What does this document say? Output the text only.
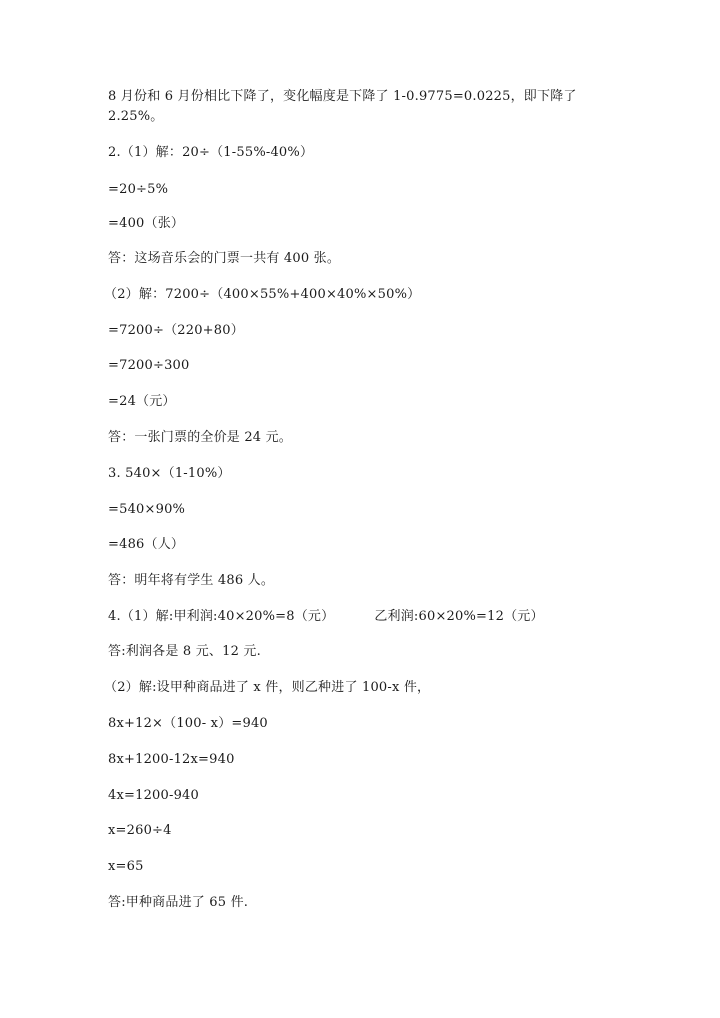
8 月份和 6 月份相比下降了，变化幅度是下降了 1-0.9775=0.0225，即下降了
2.25%。
2.（1）解：20÷（1-55%-40%）
=20÷5%
=400（张）
答：这场音乐会的门票一共有 400 张。
（2）解：7200÷（400×55%+400×40%×50%）
=7200÷（220+80）
=7200÷300
=24（元）
答：一张门票的全价是 24 元。
3. 540×（1-10%）
=540×90%
=486（人）
答：明年将有学生 486 人。
4.（1）解:甲利润:40×20%=8（元）	乙利润:60×20%=12（元）
答:利润各是 8 元、12 元.
（2）解:设甲种商品进了 x 件，则乙种进了 100-x 件，
8x+12×（100- x）=940
8x+1200-12x=940
4x=1200-940
x=260÷4
x=65
答:甲种商品进了 65 件.
